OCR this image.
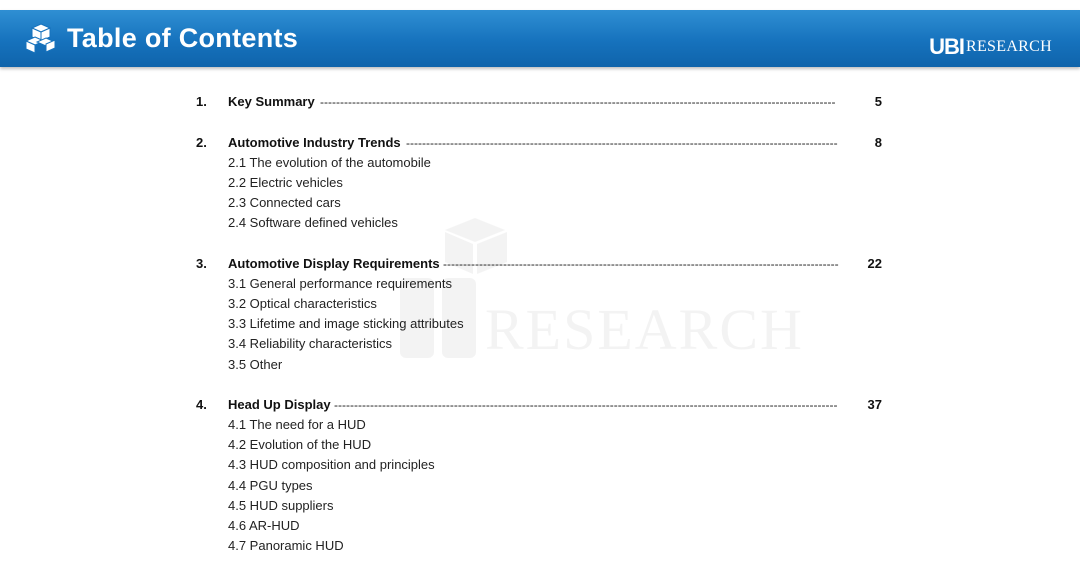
Table of Contents	UBI RESEARCH
RESEARCH
1. Key Summary ---------------------------------------------------------------------------------------------------------------------------------	5
2. Automotive Industry Trends ------------------------------------------------------------------------------------------------------------	8
2.1 The evolution of the automobile
2.2 Electric vehicles
2.3 Connected cars
2.4 Software defined vehicles
3. Automotive Display Requirements ---------------------------------------------------------------------------------------------------	22
3.1 General performance requirements
3.2 Optical characteristics
3.3 Lifetime and image sticking attributes
3.4 Reliability characteristics
3.5 Other
4. Head Up Display ------------------------------------------------------------------------------------------------------------------------------	37
4.1 The need for a HUD
4.2 Evolution of the HUD
4.3 HUD composition and principles
4.4 PGU types
4.5 HUD suppliers
4.6 AR-HUD
4.7 Panoramic HUD
